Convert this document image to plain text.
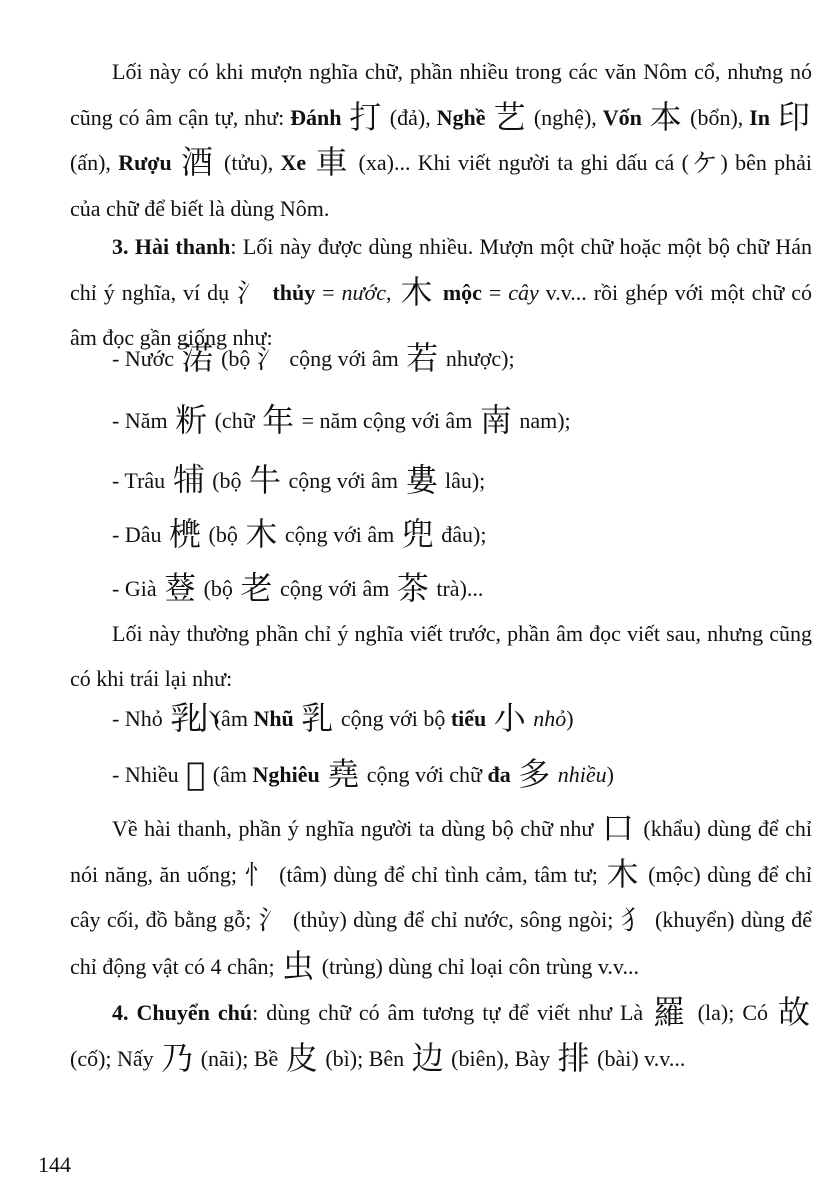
Lối này có khi mượn nghĩa chữ, phần nhiều trong các văn Nôm cổ, nhưng nó cũng có âm cận tự, như: Đánh 打 (đả), Nghề 艺 (nghệ), Vốn 本 (bổn), In 印 (ấn), Rượu 酒 (tửu), Xe 車 (xa)... Khi viết người ta ghi dấu cá (ケ) bên phải của chữ để biết là dùng Nôm.

3. Hài thanh: Lối này được dùng nhiều. Mượn một chữ hoặc một bộ chữ Hán chỉ ý nghĩa, ví dụ 氵 thủy = nước, 木 mộc = cây v.v... rồi ghép với một chữ có âm đọc gần giống như:

- Nước 渃 (bộ 氵 cộng với âm 若 nhược);
- Năm 䉼 (chữ 年 = năm cộng với âm 南 nam);
- Trâu 𤙭 (bộ 牛 cộng với âm 婁 lâu);
- Dâu 橷 (bộ 木 cộng với âm 兜 đâu);
- Già 䔲 (bộ 老 cộng với âm 茶 trà)...

Lối này thường phần chỉ ý nghĩa viết trước, phần âm đọc viết sau, nhưng cũng có khi trái lại như:

- Nhỏ 乳小 (âm Nhũ 乳 cộng với bộ tiểu 小 nhỏ)
- Nhiều 𡗉 (âm Nghiêu 堯 cộng với chữ đa 多 nhiều)

Về hài thanh, phần ý nghĩa người ta dùng bộ chữ như 口 (khẩu) dùng để chỉ nói năng, ăn uống; 忄 (tâm) dùng để chỉ tình cảm, tâm tư; 木 (mộc) dùng để chỉ cây cối, đồ bằng gỗ; 氵 (thủy) dùng để chỉ nước, sông ngòi; 犭 (khuyển) dùng để chỉ động vật có 4 chân; 虫 (trùng) dùng chỉ loại côn trùng v.v...

4. Chuyển chú: dùng chữ có âm tương tự để viết như Là 羅 (la); Có 故 (cố); Nấy 乃 (nãi); Bề 皮 (bì); Bên 边 (biên), Bày 排 (bài) v.v...

144
